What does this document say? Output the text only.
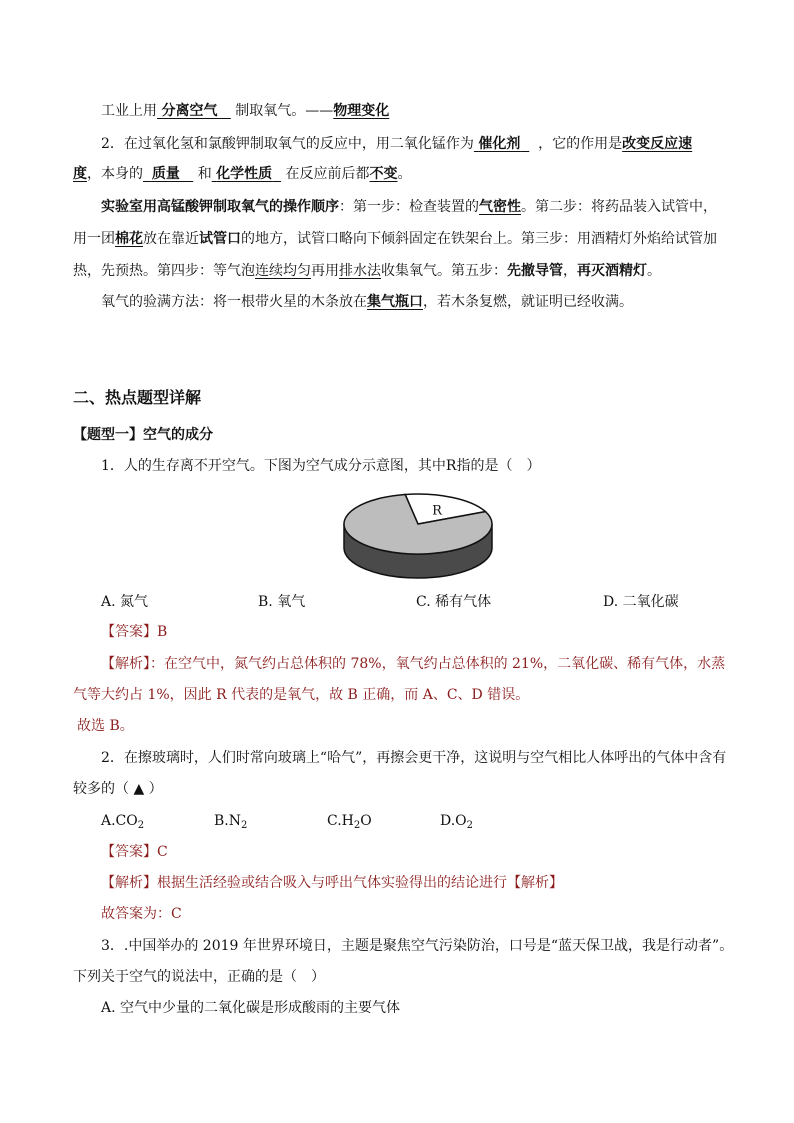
工业上用 分离空气 制取氧气。——物理变化
2．在过氧化氢和氯酸钾制取氧气的反应中，用二氧化锰作为 催化剂 ，它的作用是改变反应速
度，本身的 质量 和 化学性质 在反应前后都不变。
实验室用高锰酸钾制取氧气的操作顺序：第一步：检查装置的气密性。第二步：将药品装入试管中，
用一团棉花放在靠近试管口的地方，试管口略向下倾斜固定在铁架台上。第三步：用酒精灯外焰给试管加
热，先预热。第四步：等气泡连续均匀再用排水法收集氧气。第五步：先撤导管，再灭酒精灯。
氧气的验满方法：将一根带火星的木条放在集气瓶口，若木条复燃，就证明已经收满。
二、热点题型详解
【题型一】空气的成分
1．人的生存离不开空气。下图为空气成分示意图，其中R指的是（　）
R
A. 氮气	B. 氧气	C. 稀有气体	D. 二氧化碳
【答案】B
【解析】：在空气中，氮气约占总体积的 78%，氧气约占总体积的 21%，二氧化碳、稀有气体，水蒸
气等大约占 1%，因此 R 代表的是氧气，故 B 正确，而 A、C、D 错误。
故选 B。
2．在擦玻璃时，人们时常向玻璃上“哈气”，再擦会更干净，这说明与空气相比人体呼出的气体中含有
较多的（ ▲ ）
$A.CO_2$	$B.N_2$	$C.H_2O$	$D.O_2$
【答案】C
【解析】根据生活经验或结合吸入与呼出气体实验得出的结论进行【解析】
故答案为：C
3．.中国举办的 2019 年世界环境日，主题是聚焦空气污染防治，口号是“蓝天保卫战，我是行动者”。
下列关于空气的说法中，正确的是（　）
A. 空气中少量的二氧化碳是形成酸雨的主要气体
